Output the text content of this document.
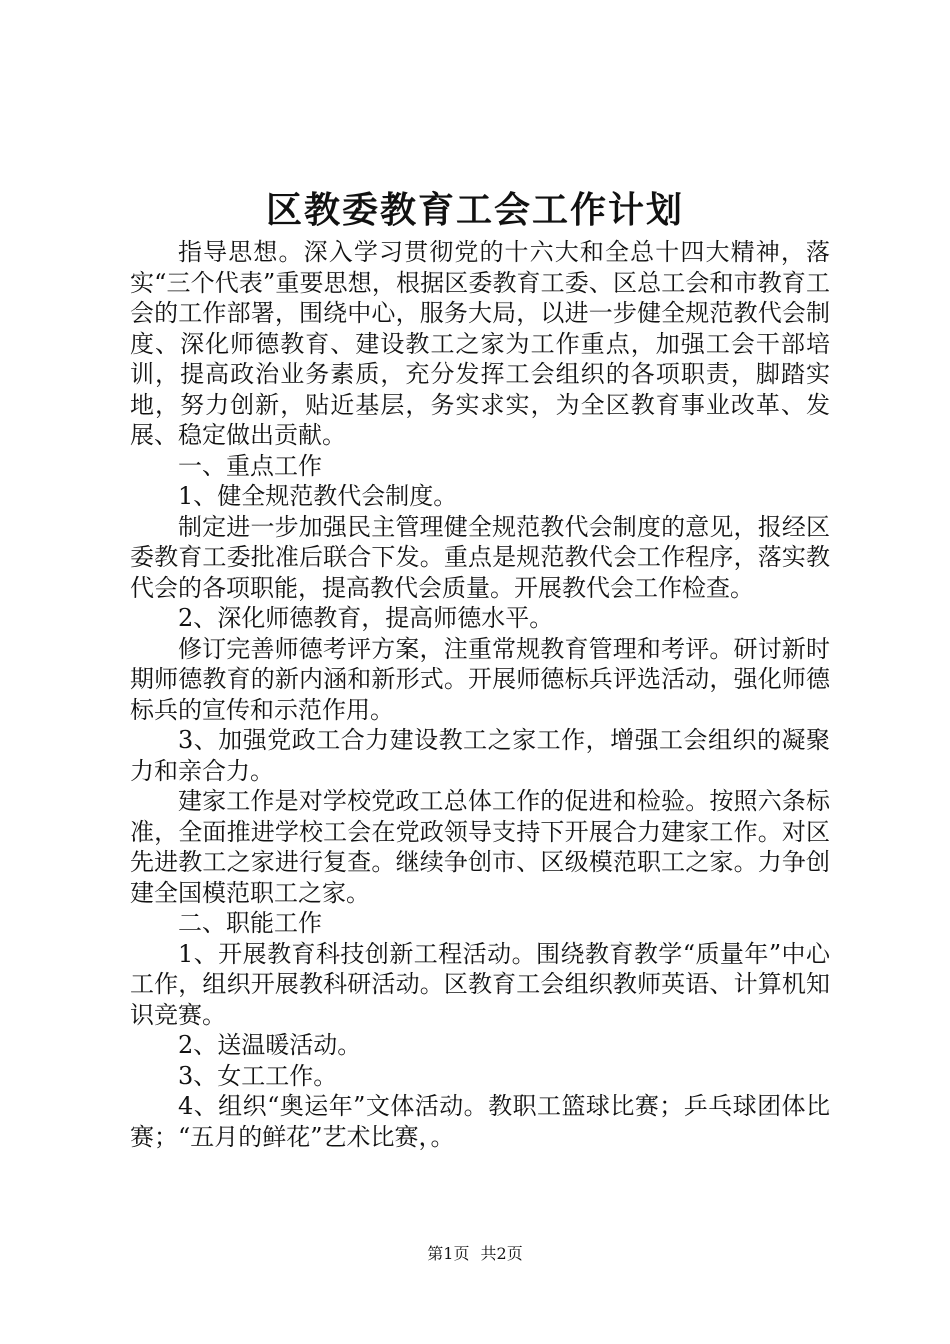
区教委教育工会工作计划

指导思想。深入学习贯彻党的十六大和全总十四大精神，落实“三个代表”重要思想，根据区委教育工委、区总工会和市教育工会的工作部署，围绕中心，服务大局，以进一步健全规范教代会制度、深化师德教育、建设教工之家为工作重点，加强工会干部培训，提高政治业务素质，充分发挥工会组织的各项职责，脚踏实地，努力创新，贴近基层，务实求实，为全区教育事业改革、发展、稳定做出贡献。

一、重点工作

1、健全规范教代会制度。

制定进一步加强民主管理健全规范教代会制度的意见，报经区委教育工委批准后联合下发。重点是规范教代会工作程序，落实教代会的各项职能，提高教代会质量。开展教代会工作检查。

2、深化师德教育，提高师德水平。

修订完善师德考评方案，注重常规教育管理和考评。研讨新时期师德教育的新内涵和新形式。开展师德标兵评选活动，强化师德标兵的宣传和示范作用。

3、加强党政工合力建设教工之家工作，增强工会组织的凝聚力和亲合力。

建家工作是对学校党政工总体工作的促进和检验。按照六条标准，全面推进学校工会在党政领导支持下开展合力建家工作。对区先进教工之家进行复查。继续争创市、区级模范职工之家。力争创建全国模范职工之家。

二、职能工作

1、开展教育科技创新工程活动。围绕教育教学“质量年”中心工作，组织开展教科研活动。区教育工会组织教师英语、计算机知识竞赛。

2、送温暖活动。

3、女工工作。

4、组织“奥运年”文体活动。教职工篮球比赛；乒乓球团体比赛；“五月的鲜花”艺术比赛，。

第1页 共2页
